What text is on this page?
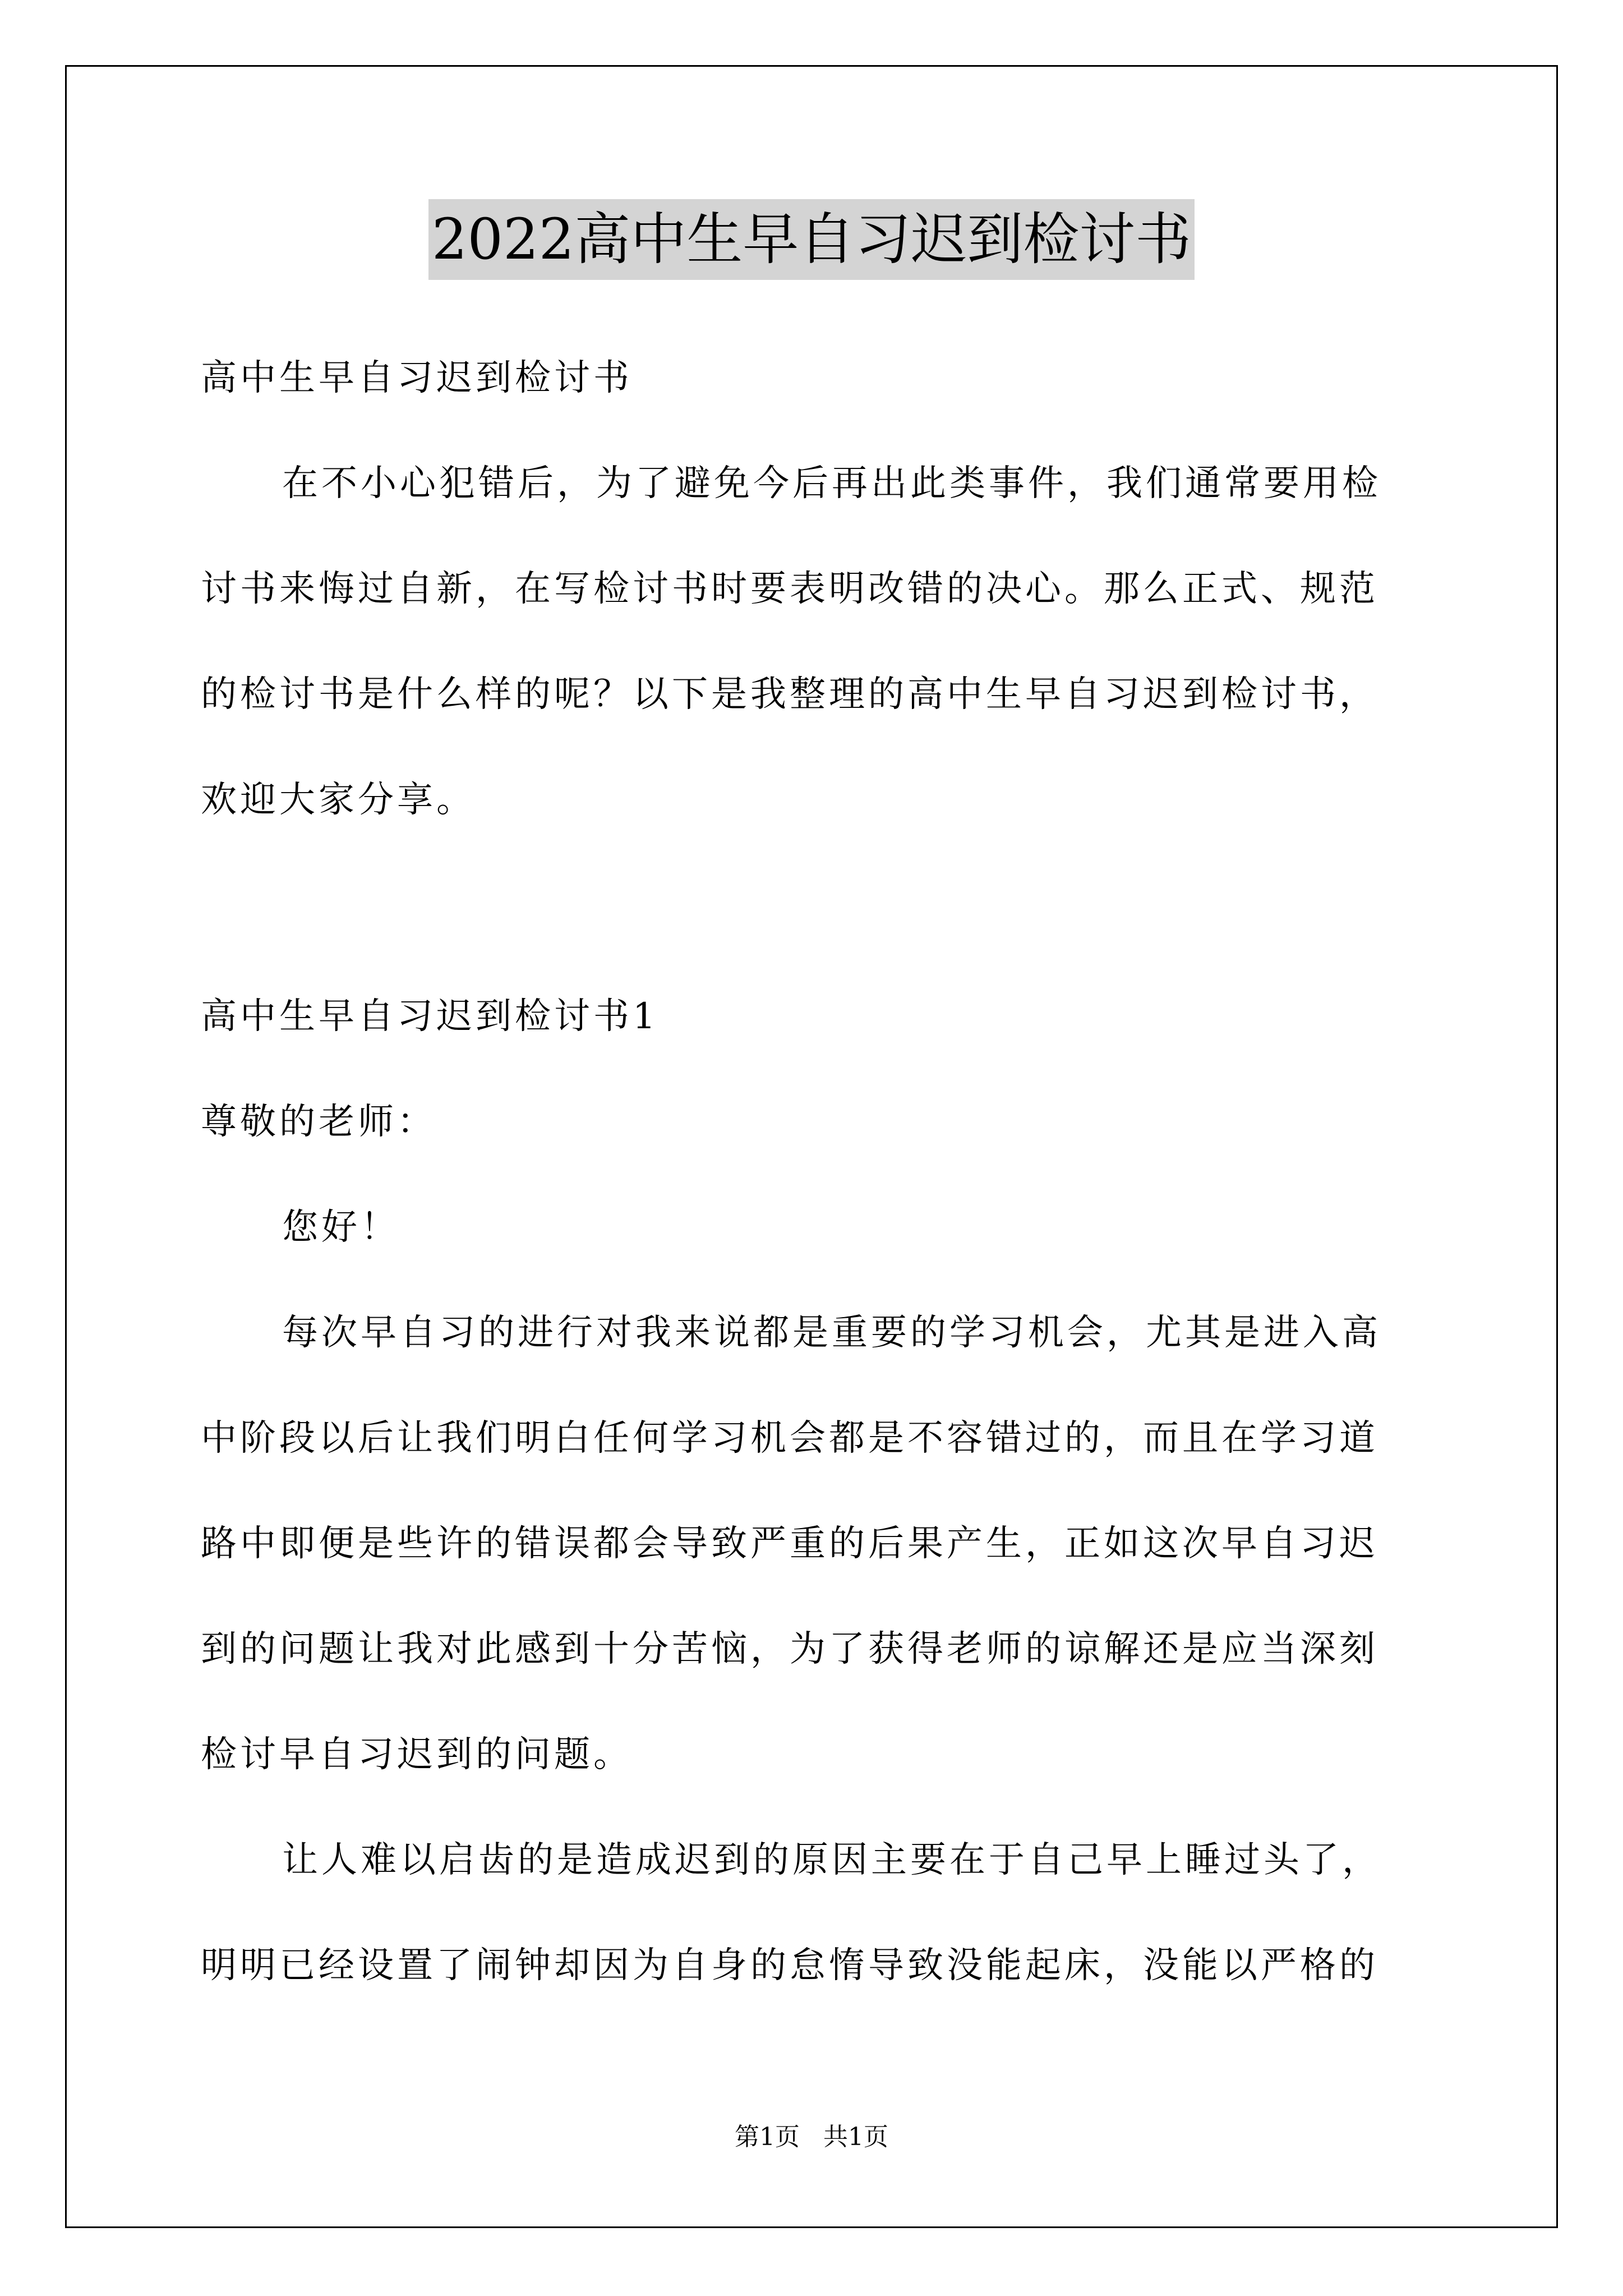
2022高中生早自习迟到检讨书

高中生早自习迟到检讨书

在不小心犯错后，为了避免今后再出此类事件，我们通常要用检

讨书来悔过自新，在写检讨书时要表明改错的决心。那么正式、规范

的检讨书是什么样的呢？以下是我整理的高中生早自习迟到检讨书，

欢迎大家分享。

高中生早自习迟到检讨书1

尊敬的老师：

您好！

每次早自习的进行对我来说都是重要的学习机会，尤其是进入高

中阶段以后让我们明白任何学习机会都是不容错过的，而且在学习道

路中即便是些许的错误都会导致严重的后果产生，正如这次早自习迟

到的问题让我对此感到十分苦恼，为了获得老师的谅解还是应当深刻

检讨早自习迟到的问题。

让人难以启齿的是造成迟到的原因主要在于自己早上睡过头了，

明明已经设置了闹钟却因为自身的怠惰导致没能起床，没能以严格的

第1页   共1页
